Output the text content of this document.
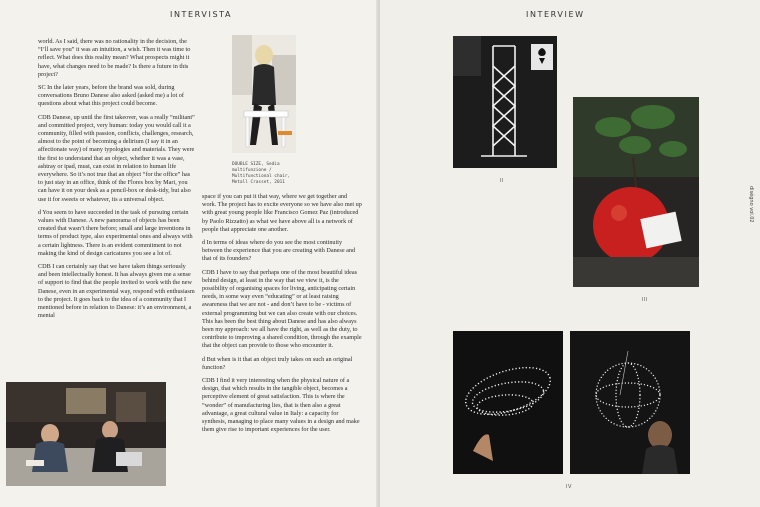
INTERVISTA

world. As I said, there was no rationality in the decision, the “I’ll save you” it was an intuition, a wish. Then it was time to reflect. What does this reality mean? What prospects might it have, what changes need to be made? Is there a future in this project?

SC In the later years, before the brand was sold, during conversations Bruno Danese also asked (asked me) a lot of questions about what this project could become.

CDB Danese, up until the first takeover, was a really “militant” and committed project, very human: today you would call it a community, filled with passion, conflicts, challenges, research, almost to the point of becoming a delirium (I say it in an affectionate way) of many typologies and materials. They were the first to understand that an object, whether it was a vase, ashtray or ipad, must, can exist in relation to human life everywhere. So it’s not true that an object “for the office” has to just stay in an office, think of the Flores box by Mari, you can have it on your desk as a pencil-box or desk-tidy, but also use it for sweets or whatever, its a universal object.

d You seem to have succeeded in the task of pursuing certain values with Danese. A new panorama of objects has been created that wasn’t there before; small and large inventions in terms of product type, also experimental ones and always with a certain lightness. There is an evident commitment to not making the kind of design caricatures you see a lot of.

CDB I can certainly say that we have taken things seriously and been intellectually honest. It has always given me a sense of support to find that the people invited to work with the new Danese, even in an experimental way, respond with enthusiasm to the project. It goes back to the idea of a community that I mentioned before in relation to Danese: it’s an environment, a mental

DOUBLE SIZE, Sedia multifunzione / Multifunctional chair, Metall Crasset, 2011

space if you can put it that way, where we get together and work. The project has to excite everyone so we have also met up with great young people like Francisco Gomez Paz (introduced by Paolo Rizzatto) as what we have above all is a network of people that appreciate one another.

d In terms of ideas where do you see the most continuity between the experience that you are creating with Danese and that of its founders?

CDB I have to say that perhaps one of the most beautiful ideas behind design, at least in the way that we view it, is the possibility of organising spaces for living, anticipating certain needs, in some way even “educating” or at least raising awareness that we are not - and don’t have to be - victims of external programming but we can also create with our choices. This has been the best thing about Danese and has also always been my approach: we all have the right, as well as the duty, to contribute to improving a shared condition, through the example that the object can provide to those who encounter it.

d But when is it that an object truly takes on such an original function?

CDB I find it very interesting when the physical nature of a design, that which results in the tangible object, becomes a perceptive element of great satisfaction. This is where the “wonder” of manufacturing lies, that is then also a great advantage, a great cultural value in Italy: a capacity for synthesis, managing to place many values in a design and make them give rise to important experiences for the user.

INTERVIEW
II
III
diségno vol.02
IV
